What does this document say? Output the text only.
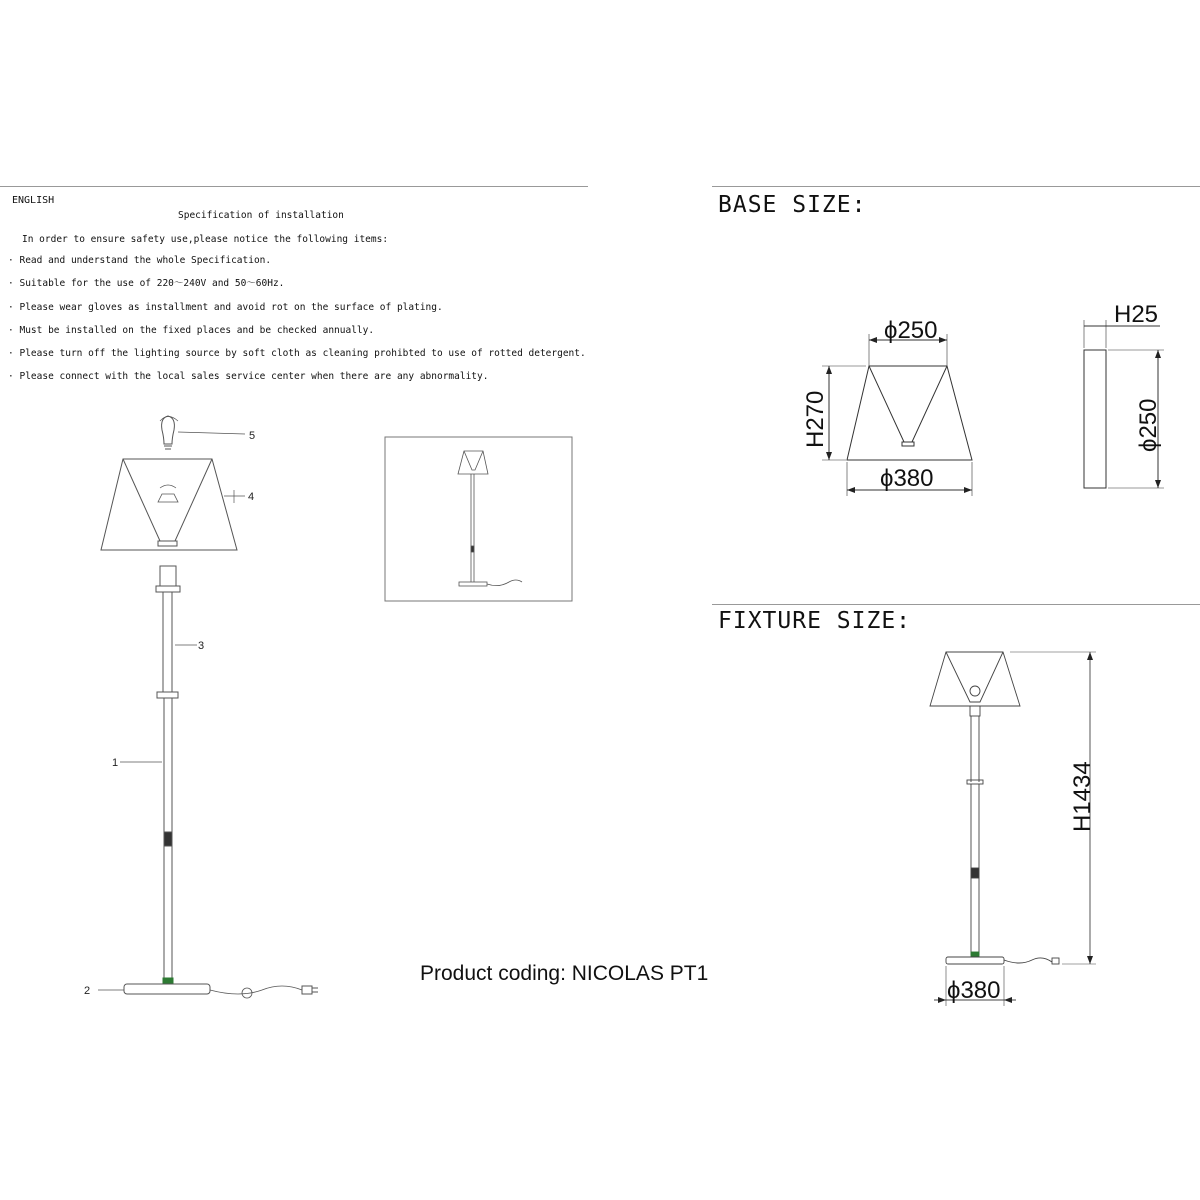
ENGLISH
Specification of installation
In order to ensure safety use,please notice the following items:
· Read and understand the whole Specification.
· Suitable for the use of 220～240V and 50～60Hz.
· Please wear gloves as installment and avoid rot on the surface of plating.
· Must be installed on the fixed places and be checked annually.
· Please turn off the lighting source by soft cloth as cleaning prohibted to use of rotted detergent.
· Please connect with the local sales service center when there are any abnormality.
BASE SIZE:
FIXTURE SIZE:
5
4
3
1
2
Product coding: NICOLAS PT1
ϕ250
ϕ380
H25
H270	ϕ250
H1434
ϕ380
